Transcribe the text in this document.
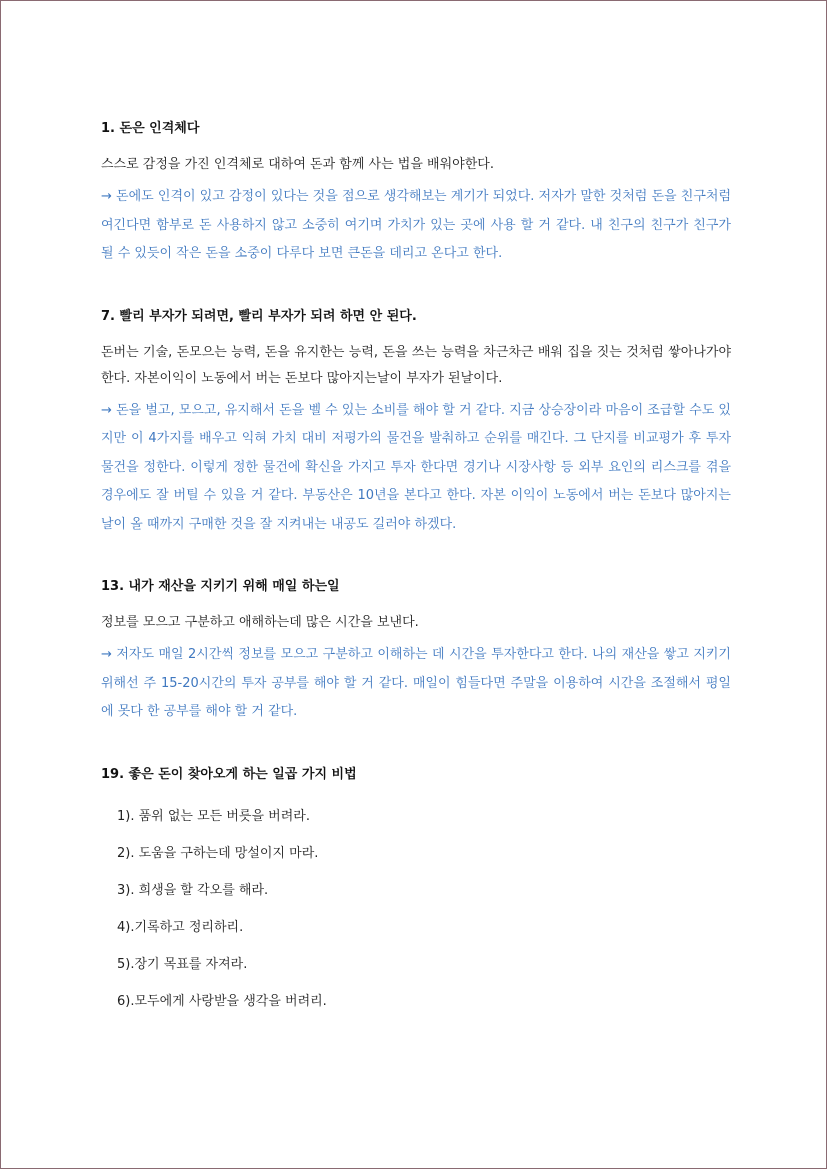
1. 돈은 인격체다

스스로 감정을 가진 인격체로 대하여 돈과 함께 사는 법을 배워야한다.

→ 돈에도 인격이 있고 감정이 있다는 것을 점으로 생각해보는 계기가 되었다. 저자가 말한 것처럼 돈을 친구처럼 여긴다면 함부로 돈 사용하지 않고 소중히 여기며 가치가 있는 곳에 사용 할 거 같다. 내 친구의 친구가 친구가 될 수 있듯이 작은 돈을 소중이 다루다 보면 큰돈을 데리고 온다고 한다.

7. 빨리 부자가 되려면, 빨리 부자가 되려 하면 안 된다.

돈버는 기술, 돈모으는 능력, 돈을 유지한는 능력, 돈을 쓰는 능력을 차근차근 배워 집을 짓는 것처럼 쌓아나가야한다. 자본이익이 노동에서 버는 돈보다 많아지는날이 부자가 된날이다.

→ 돈을 벌고, 모으고, 유지해서 돈을 벨 수 있는 소비를 해야 할 거 같다. 지금 상승장이라 마음이 조급할 수도 있지만 이 4가지를 배우고 익혀 가치 대비 저평가의 물건을 발춰하고 순위를 매긴다. 그 단지를 비교평가 후 투자물건을 정한다. 이렇게 정한 물건에 확신을 가지고 투자 한다면 경기나 시장사항 등 외부 요인의 리스크를 겪을 경우에도 잘 버틸 수 있을 거 같다. 부동산은 10년을 본다고 한다. 자본 이익이 노동에서 버는 돈보다 많아지는 날이 올 때까지 구매한 것을 잘 지켜내는 내공도 길러야 하겠다.

13. 내가 재산을 지키기 위해 매일 하는일

정보를 모으고 구분하고 애해하는데 많은 시간을 보낸다.

→ 저자도 매일 2시간씩 정보를 모으고 구분하고 이해하는 데 시간을 투자한다고 한다. 나의 재산을 쌓고 지키기 위해선 주 15-20시간의 투자 공부를 해야 할 거 같다. 매일이 힘들다면 주말을 이용하여 시간을 조절해서 평일에 못다 한 공부를 해야 할 거 같다.

19. 좋은 돈이 찾아오게 하는 일곱 가지 비법

1). 품위 없는 모든 버릇을 버려라.
2). 도움을 구하는데 망설이지 마라.
3). 희생을 할 각오를 해라.
4).기록하고 정리하리.
5).장기 목표를 자져라.
6).모두에게 사랑받을 생각을 버려리.
